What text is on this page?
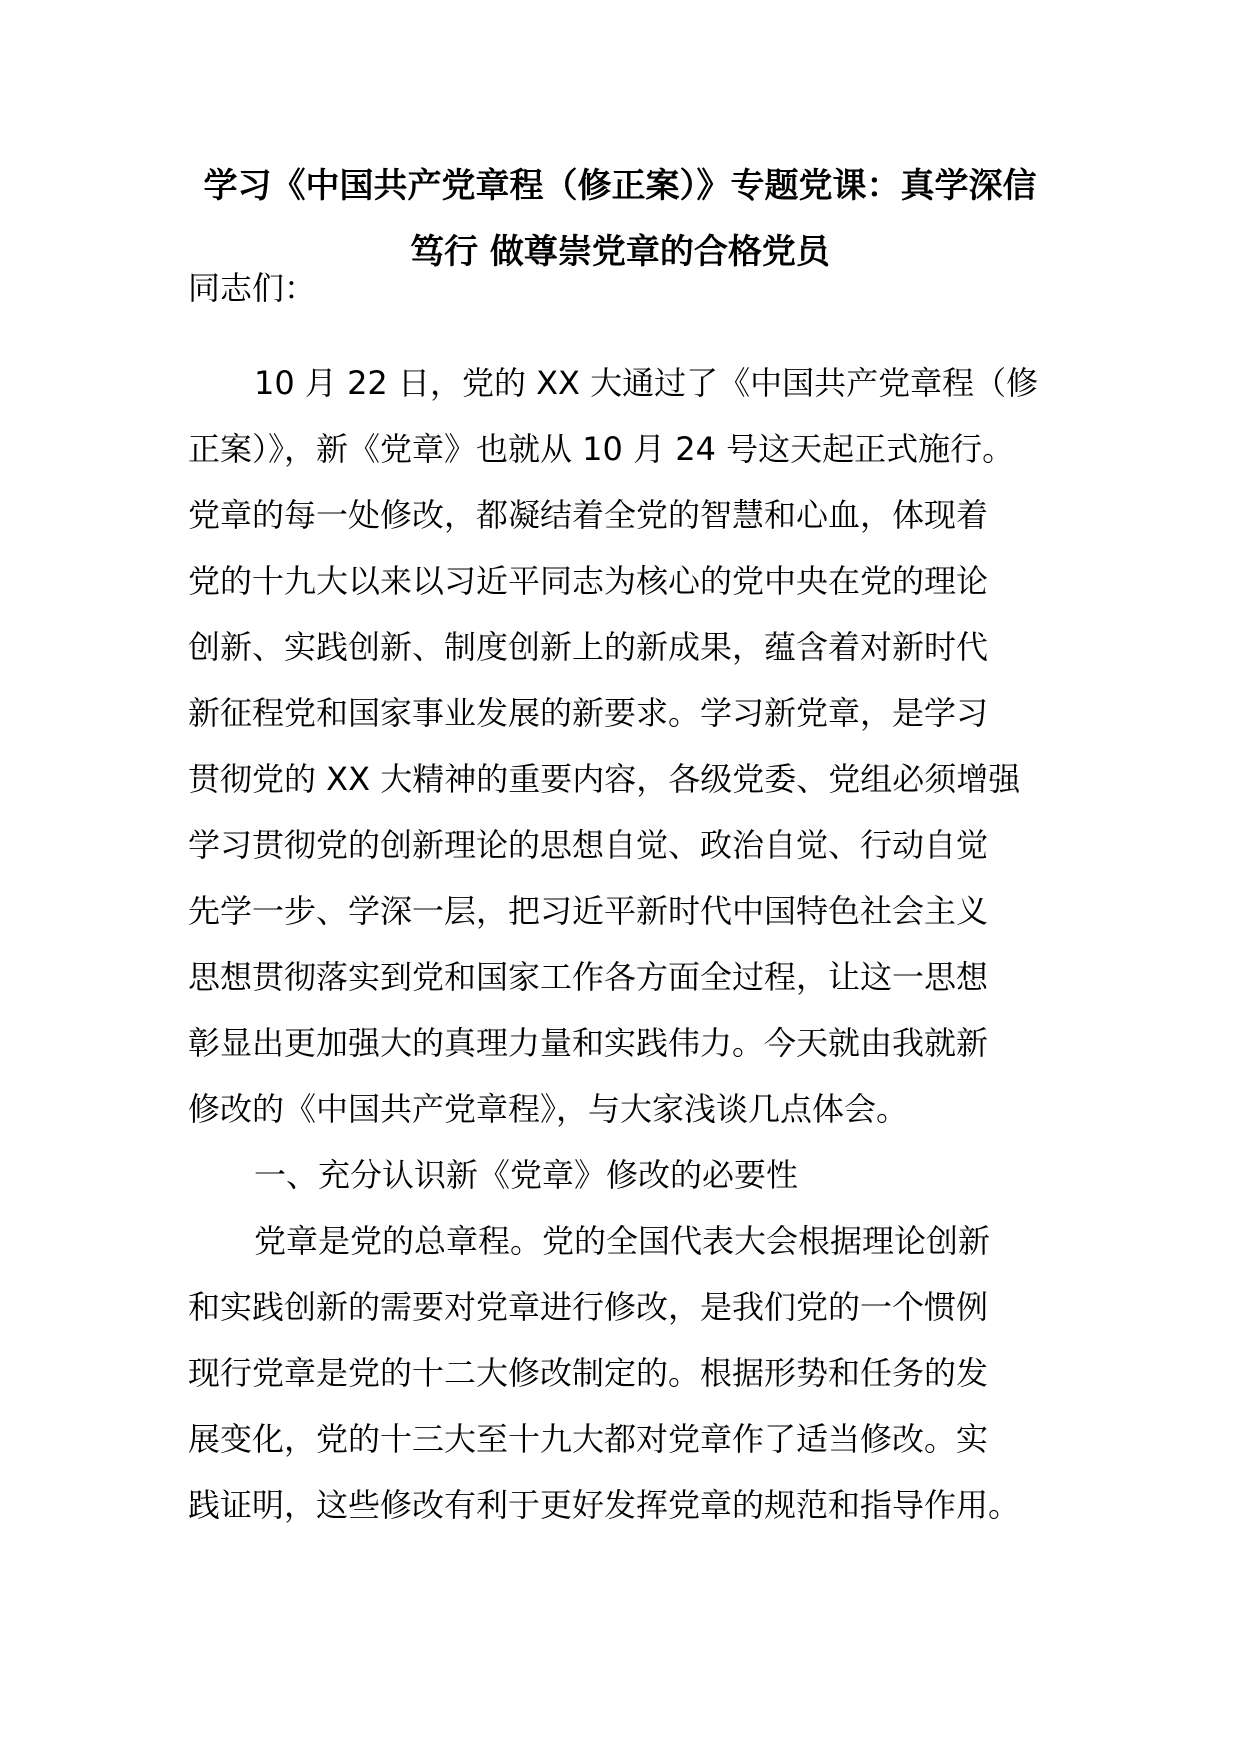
学习《中国共产党章程（修正案）》专题党课：真学深信
笃行 做尊崇党章的合格党员
同志们：
10 月 22 日，党的 XX 大通过了《中国共产党章程（修
正案）》，新《党章》也就从 10 月 24 号这天起正式施行。
党章的每一处修改，都凝结着全党的智慧和心血，体现着
党的十九大以来以习近平同志为核心的党中央在党的理论
创新、实践创新、制度创新上的新成果，蕴含着对新时代
新征程党和国家事业发展的新要求。学习新党章，是学习
贯彻党的 XX 大精神的重要内容，各级党委、党组必须增强
学习贯彻党的创新理论的思想自觉、政治自觉、行动自觉
先学一步、学深一层，把习近平新时代中国特色社会主义
思想贯彻落实到党和国家工作各方面全过程，让这一思想
彰显出更加强大的真理力量和实践伟力。今天就由我就新
修改的《中国共产党章程》，与大家浅谈几点体会。
一、充分认识新《党章》修改的必要性
党章是党的总章程。党的全国代表大会根据理论创新
和实践创新的需要对党章进行修改，是我们党的一个惯例
现行党章是党的十二大修改制定的。根据形势和任务的发
展变化，党的十三大至十九大都对党章作了适当修改。实
践证明，这些修改有利于更好发挥党章的规范和指导作用。
